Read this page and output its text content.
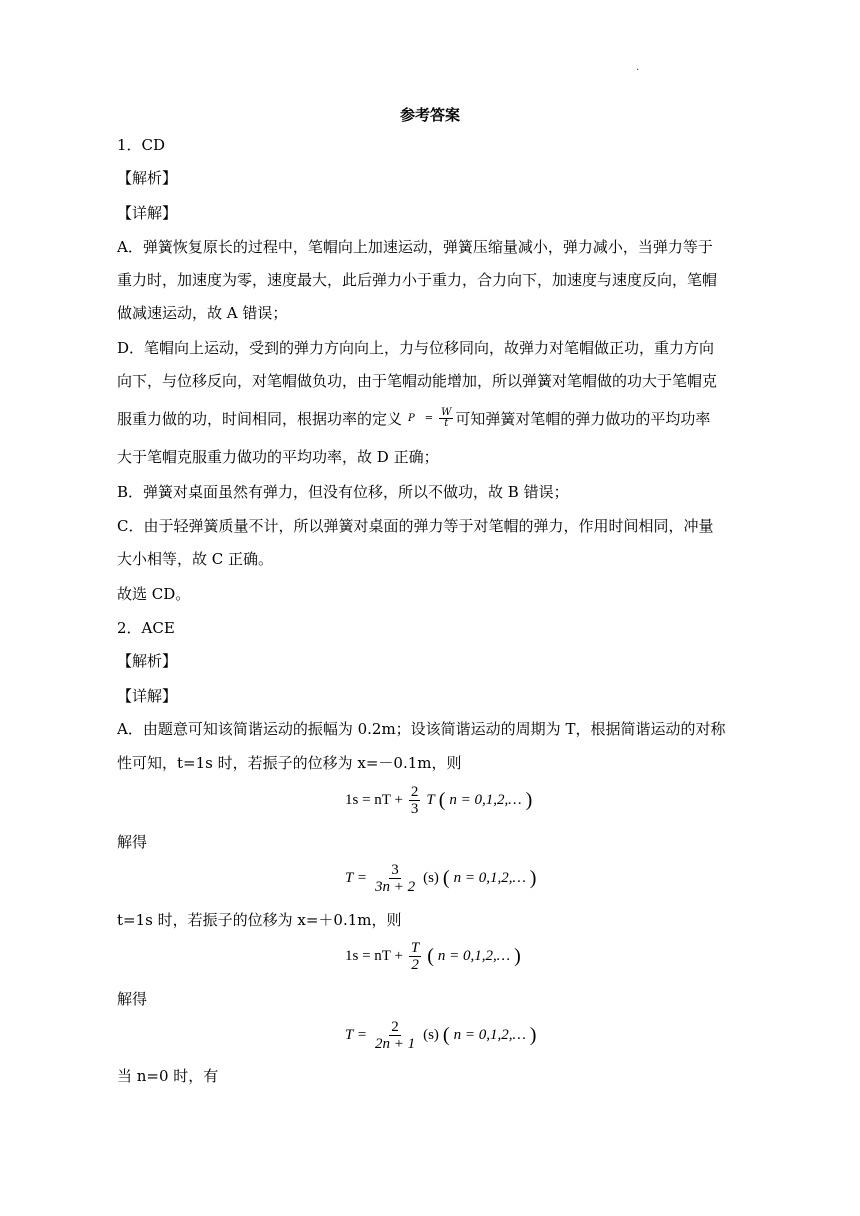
.
参考答案
1．CD
【解析】
【详解】
A．弹簧恢复原长的过程中，笔帽向上加速运动，弹簧压缩量减小，弹力减小，当弹力等于
重力时，加速度为零，速度最大，此后弹力小于重力，合力向下，加速度与速度反向，笔帽
做减速运动，故 A 错误；
D．笔帽向上运动，受到的弹力方向向上，力与位移同向，故弹力对笔帽做正功，重力方向
向下，与位移反向，对笔帽做负功，由于笔帽动能增加，所以弹簧对笔帽做的功大于笔帽克
服重力做的功，时间相同，根据功率的定义 $P = \frac{W}{t}$ 可知弹簧对笔帽的弹力做功的平均功率
大于笔帽克服重力做功的平均功率，故 D 正确；
B．弹簧对桌面虽然有弹力，但没有位移，所以不做功，故 B 错误；
C．由于轻弹簧质量不计，所以弹簧对桌面的弹力等于对笔帽的弹力，作用时间相同，冲量
大小相等，故 C 正确。
故选 CD。
2．ACE
【解析】
【详解】
A．由题意可知该简谐运动的振幅为 0.2m；设该简谐运动的周期为 T，根据简谐运动的对称
性可知，t=1s 时，若振子的位移为 x=－0.1m，则
1s = nT + $\frac{2}{3}$ T ( n = 0,1,2,… )
解得
$T = \frac{3}{3n + 2} (s)$ ( n = 0,1,2,… )
t=1s 时，若振子的位移为 x=＋0.1m，则
1s = nT + $\frac{T}{2}$ ( n = 0,1,2,… )
解得
$T = \frac{2}{2n + 1} (s)$ ( n = 0,1,2,… )
当 n=0 时，有
